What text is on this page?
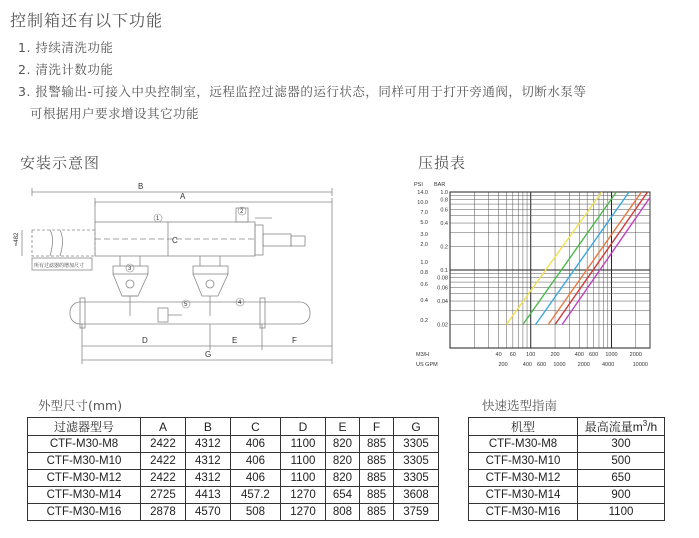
控制箱还有以下功能
1. 持续清洗功能
2. 清洗计数功能
3. 报警输出-可接入中央控制室，远程监控过滤器的运行状态，同样可用于打开旁通阀，切断水泵等
可根据用户要求增设其它功能
安装示意图	压损表
B
A
C
D	E	F
G
1
2
3
4
5
≈482
所有过滤器的增加尺寸
PSI BAR
1.0
0.8
0.6
0.4
0.2
0.1
0.08
0.06
0.04
0.02
14.0
10.0
7.0
5.0
3.0
2.0
1.0
0.8
0.6
0.4
0.2
40 60 100	200	400 600 1000 2000
200	400 600 1000 2000 4000	10000
M3/H
US GPM
外型尺寸(mm)
过滤器型号	A	B	C	D	E	F	G
CTF-M30-M8	2422	4312	406	1100	820	885	3305
CTF-M30-M10	2422	4312	406	1100	820	885	3305
CTF-M30-M12	2422	4312	406	1100	820	885	3305
CTF-M30-M14	2725	4413	457.2	1270	654	885	3608
CTF-M30-M16	2878	4570	508	1270	808	885	3759
快速选型指南
机型	最高流量$m^3/h$
CTF-M30-M8	300
CTF-M30-M10	500
CTF-M30-M12	650
CTF-M30-M14	900
CTF-M30-M16	1100
